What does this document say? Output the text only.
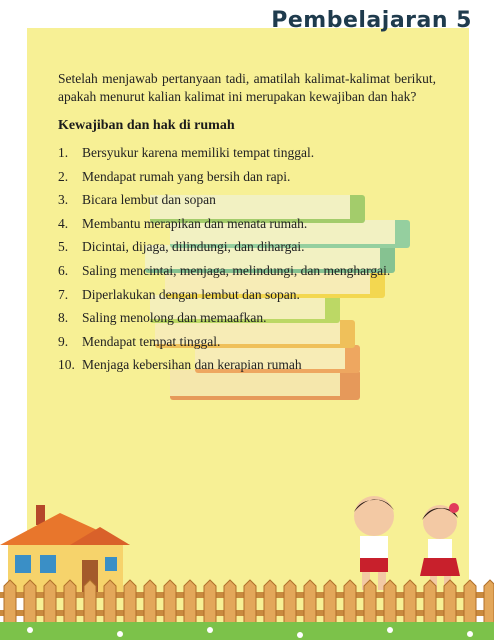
Pembelajaran 5

Setelah menjawab pertanyaan tadi, amatilah kalimat-kalimat berikut, apakah menurut kalian kalimat ini merupakan kewajiban dan hak?

Kewajiban dan hak di rumah
1. Bersyukur karena memiliki tempat tinggal.
2. Mendapat rumah yang bersih dan rapi.
3. Bicara lembut dan sopan
4. Membantu merapikan dan menata rumah.
5. Dicintai, dijaga, dilindungi, dan dihargai.
6. Saling mencintai, menjaga, melindungi, dan menghargai.
7. Diperlakukan dengan lembut dan sopan.
8. Saling menolong dan memaafkan.
9. Mendapat tempat tinggal.
10. Menjaga kebersihan dan kerapian rumah
